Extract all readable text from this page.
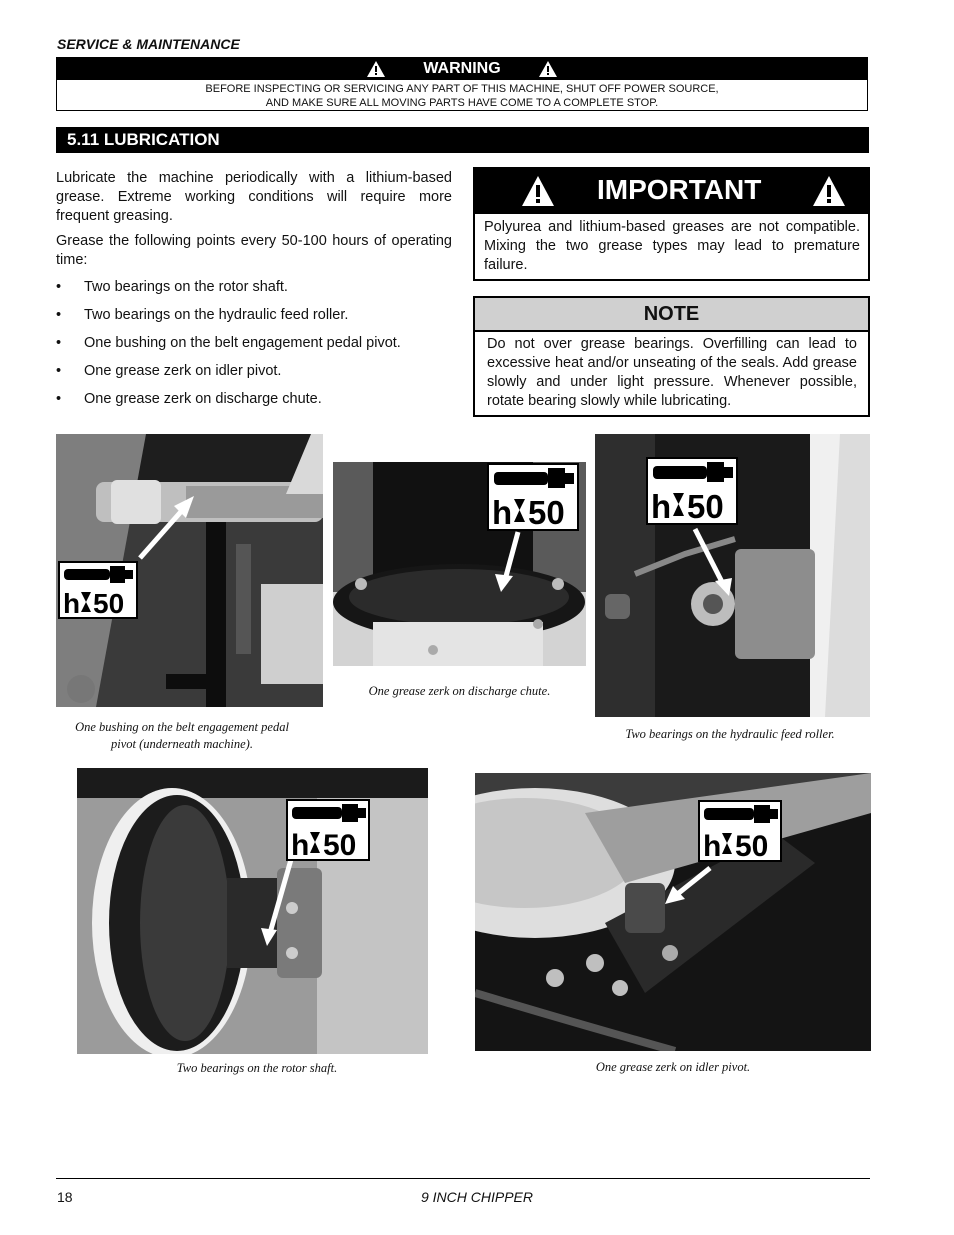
SERVICE & MAINTENANCE
WARNING
BEFORE INSPECTING OR SERVICING ANY PART OF THIS MACHINE, SHUT OFF POWER SOURCE,
AND MAKE SURE ALL MOVING PARTS HAVE COME TO A COMPLETE STOP.
5.11 LUBRICATION
Lubricate the machine periodically with a lithium-based grease. Extreme working conditions will require more frequent greasing.
Grease the following points every 50-100 hours of operating time:
• Two bearings on the rotor shaft.
• Two bearings on the hydraulic feed roller.
• One bushing on the belt engagement pedal pivot.
• One grease zerk on idler pivot.
• One grease zerk on discharge chute.
IMPORTANT
Polyurea and lithium-based greases are not compatible. Mixing the two grease types may lead to premature failure.
NOTE
Do not over grease bearings. Overfilling can lead to excessive heat and/or unseating of the seals. Add grease slowly and under light pressure. Whenever possible, rotate bearing slowly while lubricating.
h 50
One bushing on the belt engagement pedal
pivot (underneath machine).
h 50
One grease zerk on discharge chute.
h 50
Two bearings on the hydraulic feed roller.
h 50
Two bearings on the rotor shaft.
h 50
One grease zerk on idler pivot.
18	9 INCH CHIPPER
